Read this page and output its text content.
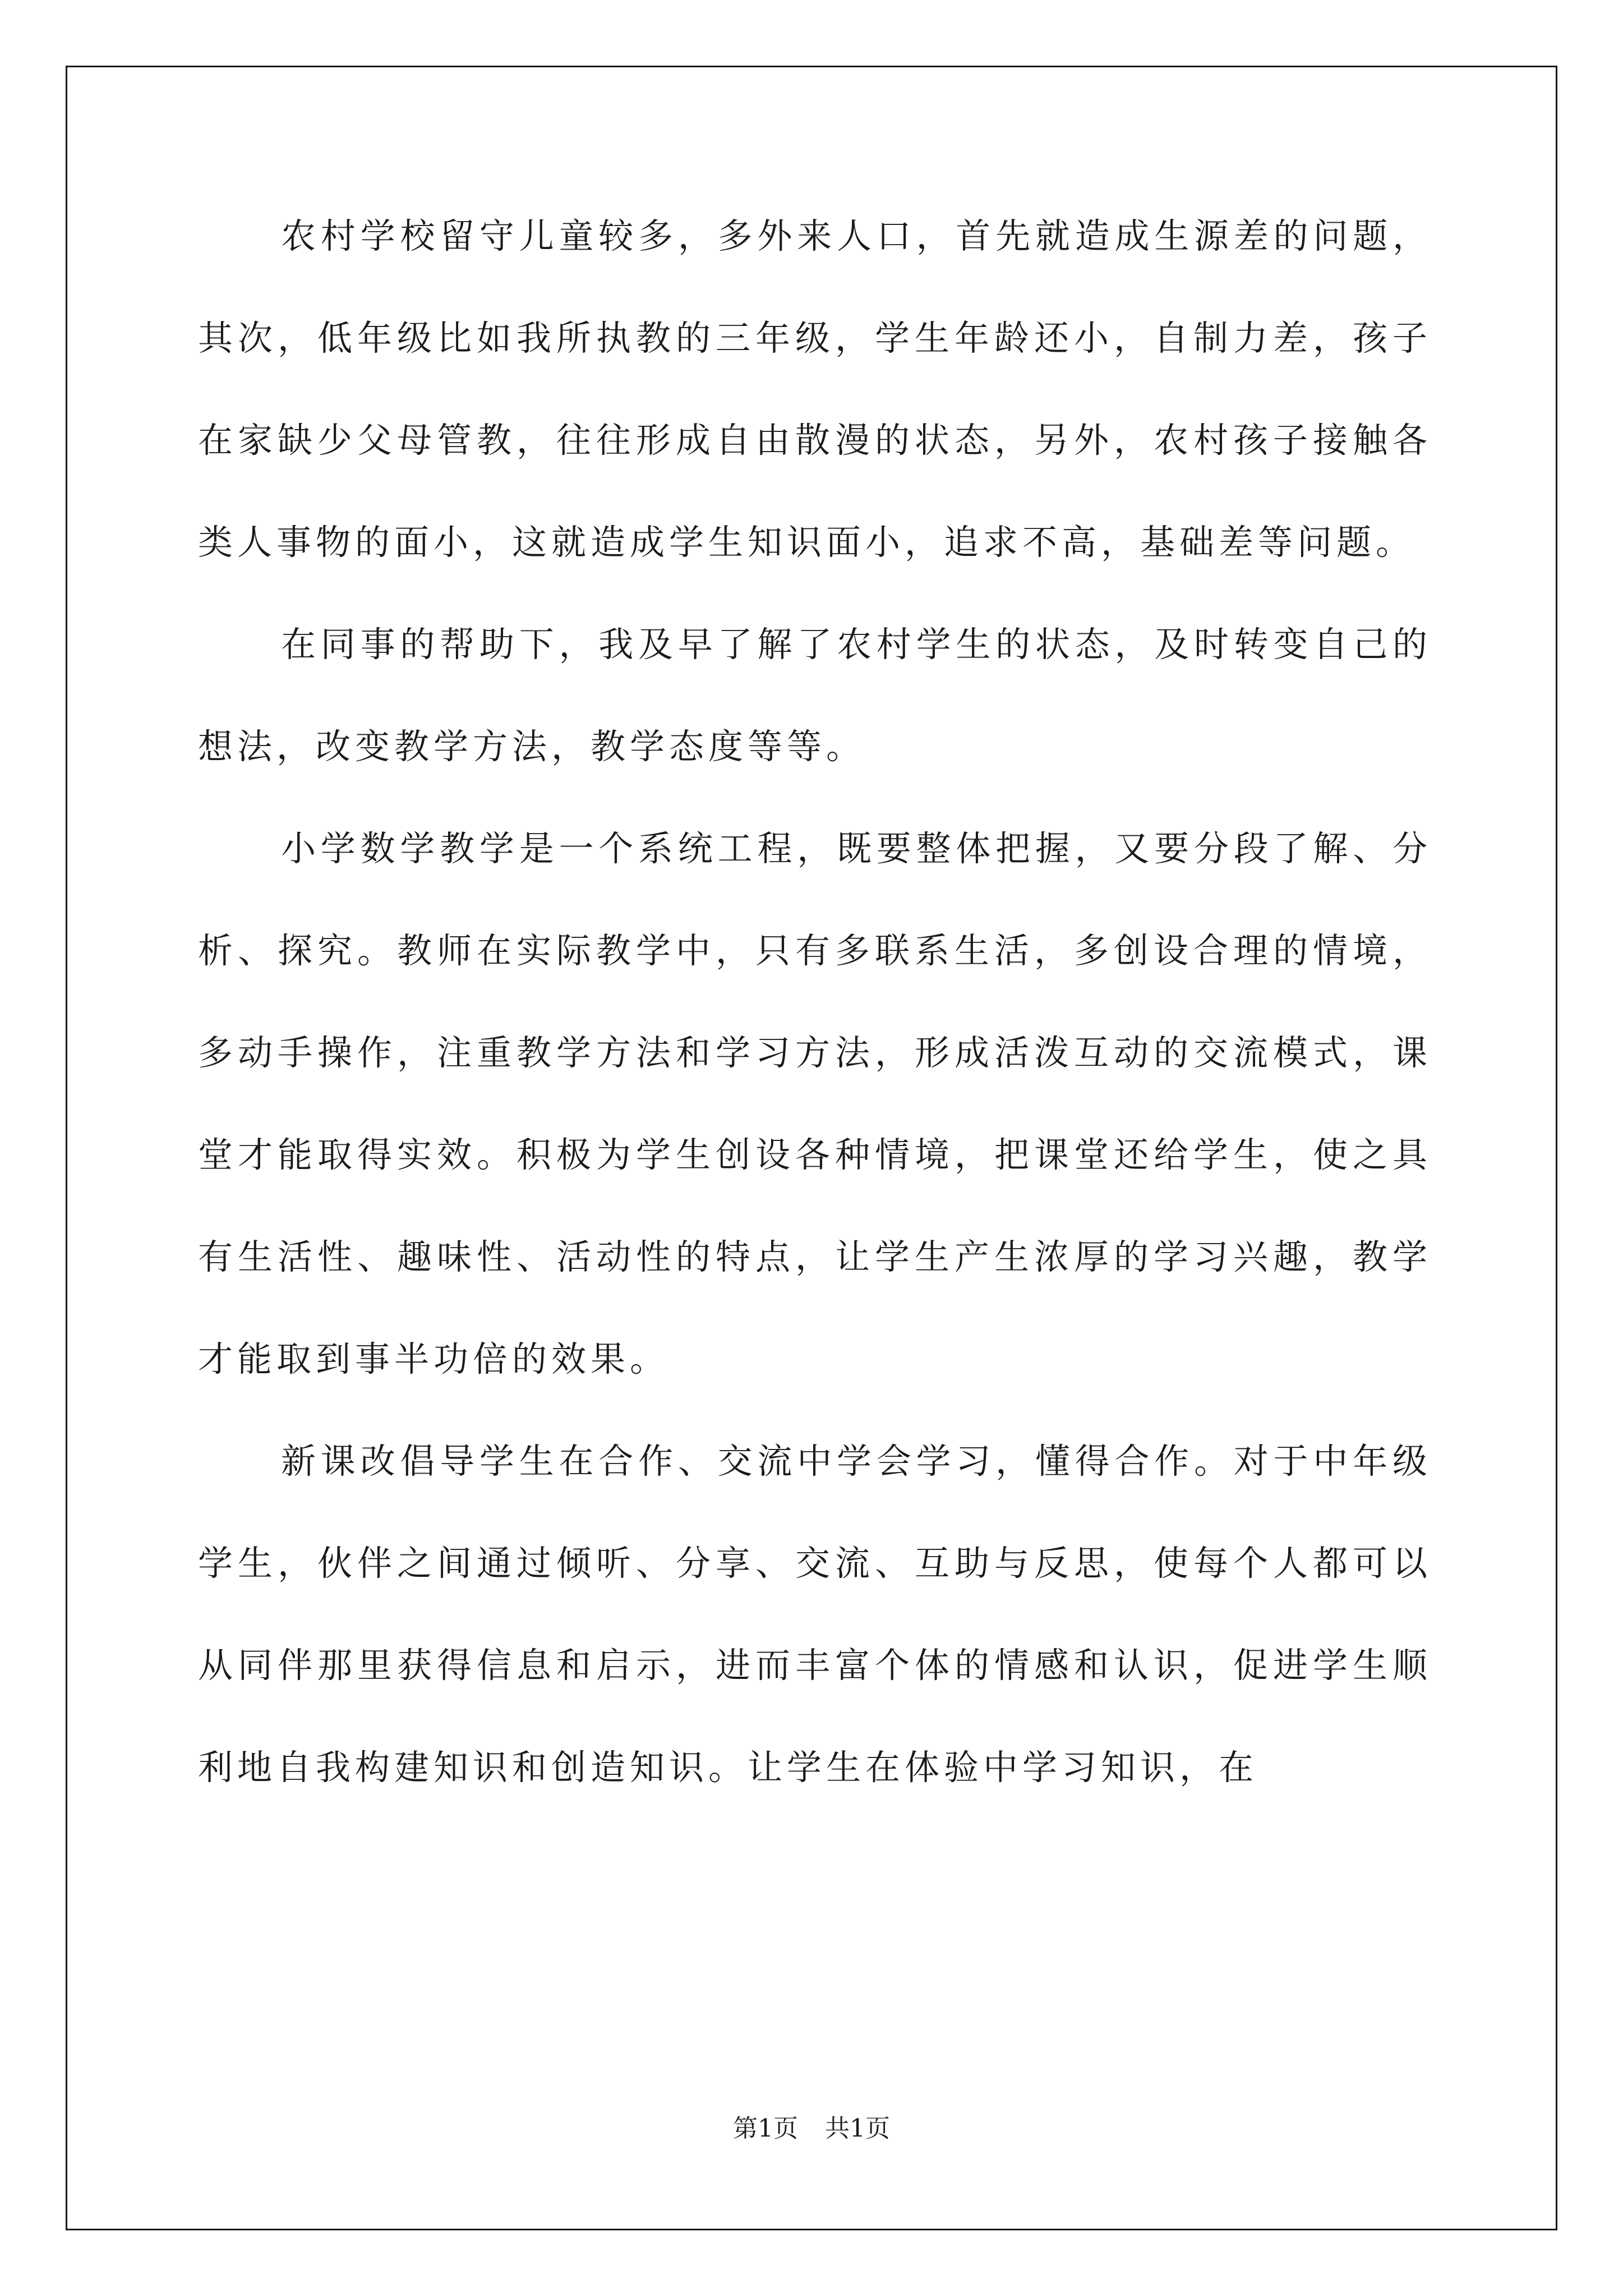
农村学校留守儿童较多，多外来人口，首先就造成生源差的问题，其次，低年级比如我所执教的三年级，学生年龄还小，自制力差，孩子在家缺少父母管教，往往形成自由散漫的状态，另外，农村孩子接触各类人事物的面小，这就造成学生知识面小，追求不高，基础差等问题。

在同事的帮助下，我及早了解了农村学生的状态，及时转变自己的想法，改变教学方法，教学态度等等。

小学数学教学是一个系统工程，既要整体把握，又要分段了解、分析、探究。教师在实际教学中，只有多联系生活，多创设合理的情境，多动手操作，注重教学方法和学习方法，形成活泼互动的交流模式，课堂才能取得实效。积极为学生创设各种情境，把课堂还给学生，使之具有生活性、趣味性、活动性的特点，让学生产生浓厚的学习兴趣，教学才能取到事半功倍的效果。

新课改倡导学生在合作、交流中学会学习，懂得合作。对于中年级学生，伙伴之间通过倾听、分享、交流、互助与反思，使每个人都可以从同伴那里获得信息和启示，进而丰富个体的情感和认识，促进学生顺利地自我构建知识和创造知识。让学生在体验中学习知识，在

第1页 共1页
